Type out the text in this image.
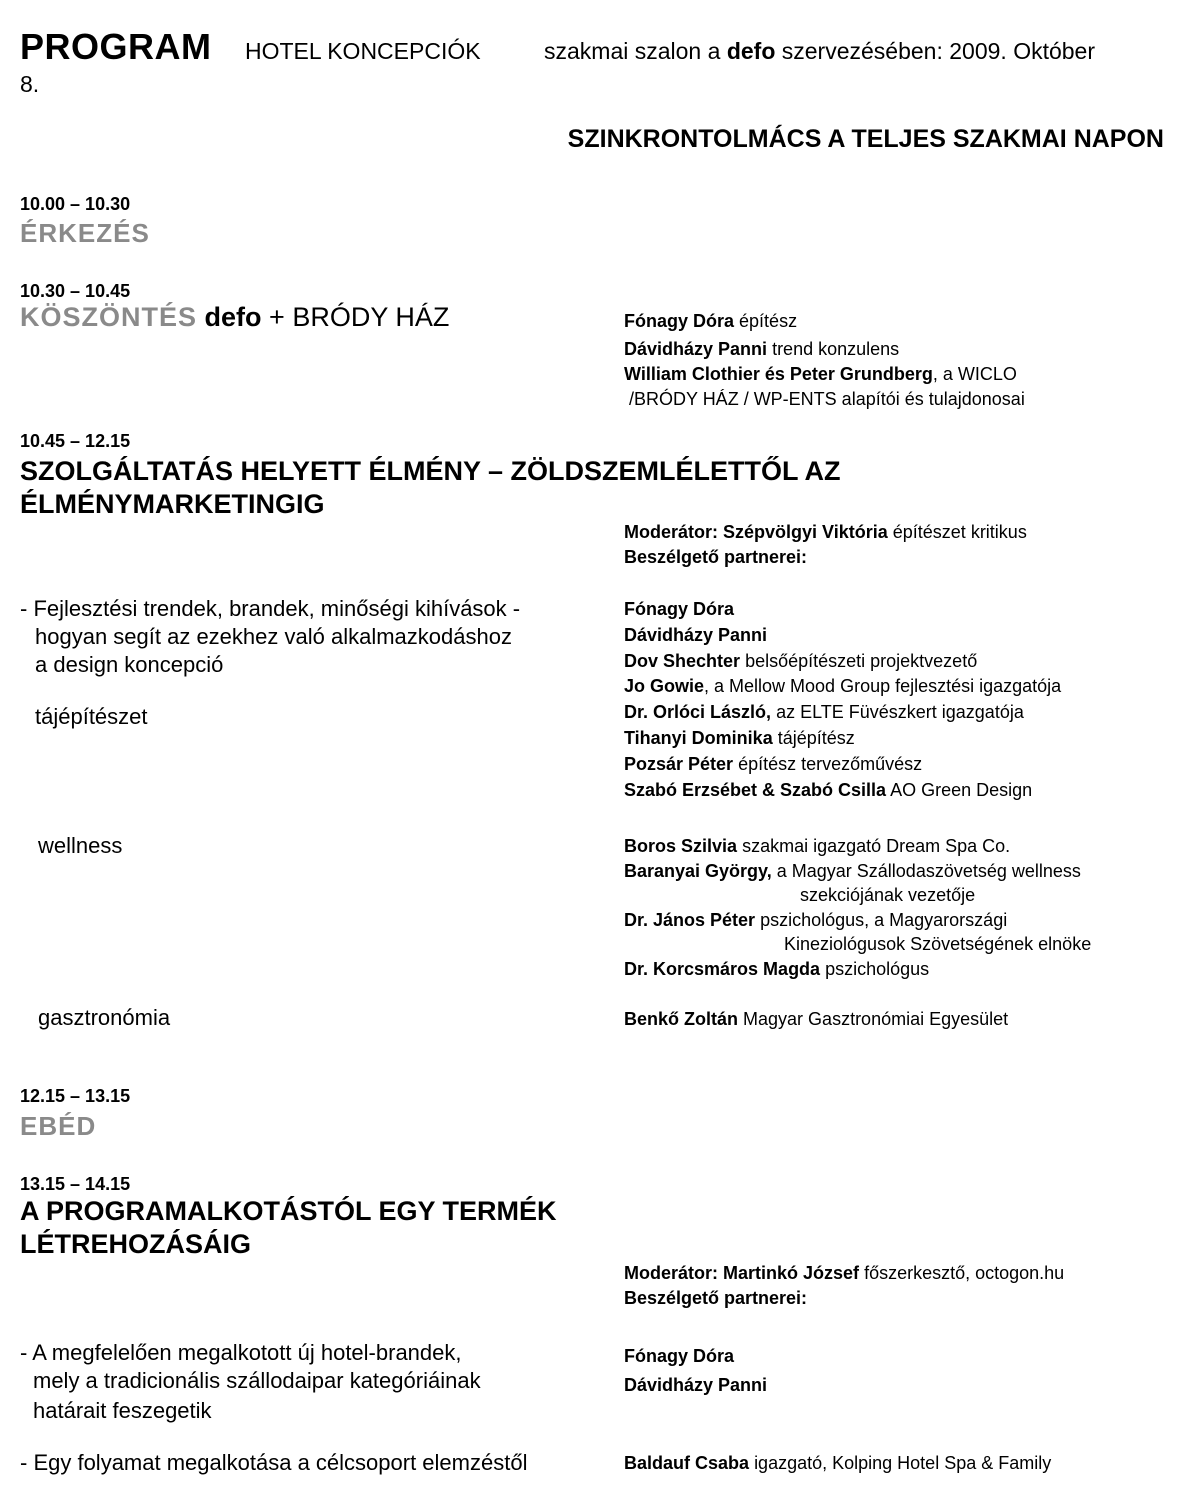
PROGRAM HOTEL KONCEPCIÓK	szakmai szalon a defo szervezésében: 2009. Október
8.
SZINKRONTOLMÁCS A TELJES SZAKMAI NAPON
10.00 – 10.30
ÉRKEZÉS
10.30 – 10.45
KÖSZÖNTÉS defo + BRÓDY HÁZ	Fónagy Dóra építész
Dávidházy Panni trend konzulens
William Clothier és Peter Grundberg, a WICLO
/BRÓDY HÁZ / WP-ENTS alapítói és tulajdonosai
10.45 – 12.15
SZOLGÁLTATÁS HELYETT ÉLMÉNY – ZÖLDSZEMLÉLETTŐL AZ
ÉLMÉNYMARKETINGIG
Moderátor: Szépvölgyi Viktória építészet kritikus
Beszélgető partnerei:
- Fejlesztési trendek, brandek, minőségi kihívások -
hogyan segít az ezekhez való alkalmazkodáshoz
a design koncepció
tájépítészet
wellness
gasztronómia
Fónagy Dóra
Dávidházy Panni
Dov Shechter belsőépítészeti projektvezető
Jo Gowie, a Mellow Mood Group fejlesztési igazgatója
Dr. Orlóci László, az ELTE Füvészkert igazgatója
Tihanyi Dominika tájépítész
Pozsár Péter építész tervezőművész
Szabó Erzsébet & Szabó Csilla AO Green Design
Boros Szilvia szakmai igazgató Dream Spa Co.
Baranyai György, a Magyar Szállodaszövetség wellness
szekciójának vezetője
Dr. János Péter pszichológus, a Magyarországi
Kineziológusok Szövetségének elnöke
Dr. Korcsmáros Magda pszichológus
Benkő Zoltán Magyar Gasztronómiai Egyesület
12.15 – 13.15
EBÉD
13.15 – 14.15
A PROGRAMALKOTÁSTÓL EGY TERMÉK
LÉTREHOZÁSÁIG
Moderátor: Martinkó József főszerkesztő, octogon.hu
Beszélgető partnerei:
- A megfelelően megalkotott új hotel-brandek,
mely a tradicionális szállodaipar kategóriáinak
határait feszegetik
- Egy folyamat megalkotása a célcsoport elemzéstől
Fónagy Dóra
Dávidházy Panni
Baldauf Csaba igazgató, Kolping Hotel Spa & Family
